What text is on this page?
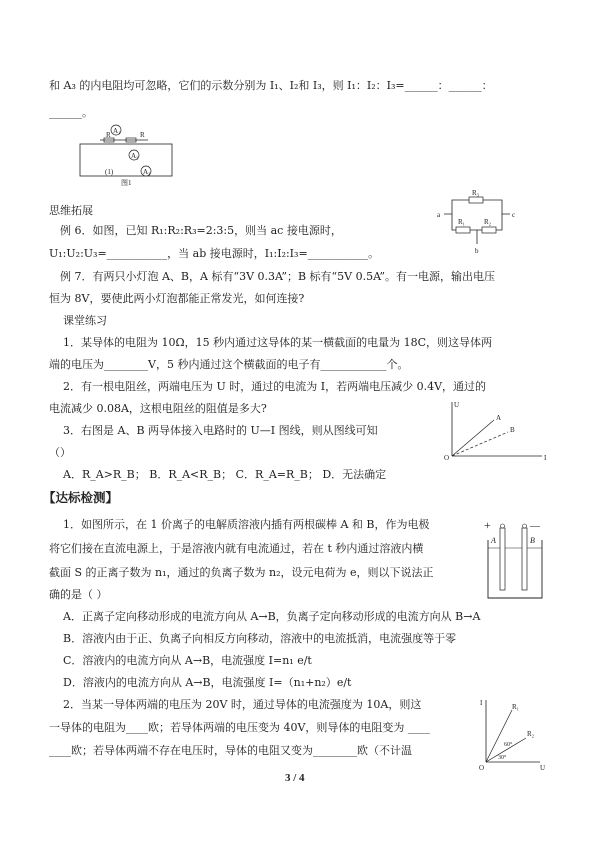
和 A₃ 的内电阻均可忽略，它们的示数分别为 I₁、I₂和 I₃，则 I₁：I₂：I₃=______：______：
______。
A₁
A₂
A₃
R	R
(1)
图1
思维拓展
例 6．如图，已知 R₁:R₂:R₃=2:3:5，则当 ac 接电源时，
U₁:U₂:U₃=___________，当 ab 接电源时，I₁:I₂:I₃=___________。
R₃
R₁	R₂
a
b
c
例 7．有两只小灯泡 A、B，A 标有“3V 0.3A”；B 标有“5V 0.5A”。有一电源，输出电压
恒为 8V，要使此两小灯泡都能正常发光，如何连接?
课堂练习
1．某导体的电阻为 10Ω，15 秒内通过这导体的某一横截面的电量为 18C，则这导体两
端的电压为________V，5 秒内通过这个横截面的电子有____________个。
2．有一根电阻丝，两端电压为 U 时，通过的电流为 I，若两端电压减少 0.4V，通过的
电流减少 0.08A，这根电阻丝的阻值是多大?
3．右图是 A、B 两导体接入电路时的 U—I 图线，则从图线可知
（）
U
A
B
O	I
A．R_A>R_B； B．R_A<R_B； C．R_A=R_B； D．无法确定
【达标检测】
1．如图所示，在 1 价离子的电解质溶液内插有两根碳棒 A 和 B，作为电极
将它们接在直流电源上，于是溶液内就有电流通过，若在 t 秒内通过溶液内横
截面 S 的正离子数为 n₁，通过的负离子数为 n₂，设元电荷为 e，则以下说法正
确的是（ ）
+	—
A	B
A．正离子定向移动形成的电流方向从 A→B，负离子定向移动形成的电流方向从 B→A
B．溶液内由于正、负离子向相反方向移动，溶液中的电流抵消，电流强度等于零
C．溶液内的电流方向从 A→B，电流强度 I=n₁ e/t
D．溶液内的电流方向从 A→B，电流强度 I=（n₁+n₂）e/t
2．当某一导体两端的电压为 20V 时，通过导体的电流强度为 10A，则这
一导体的电阻为____欧；若导体两端的电压变为 40V，则导体的电阻变为 ____
____欧；若导体两端不存在电压时，导体的电阻又变为________欧（不计温
I	R₁
R₂
60°
30°
O	U
3 / 4
